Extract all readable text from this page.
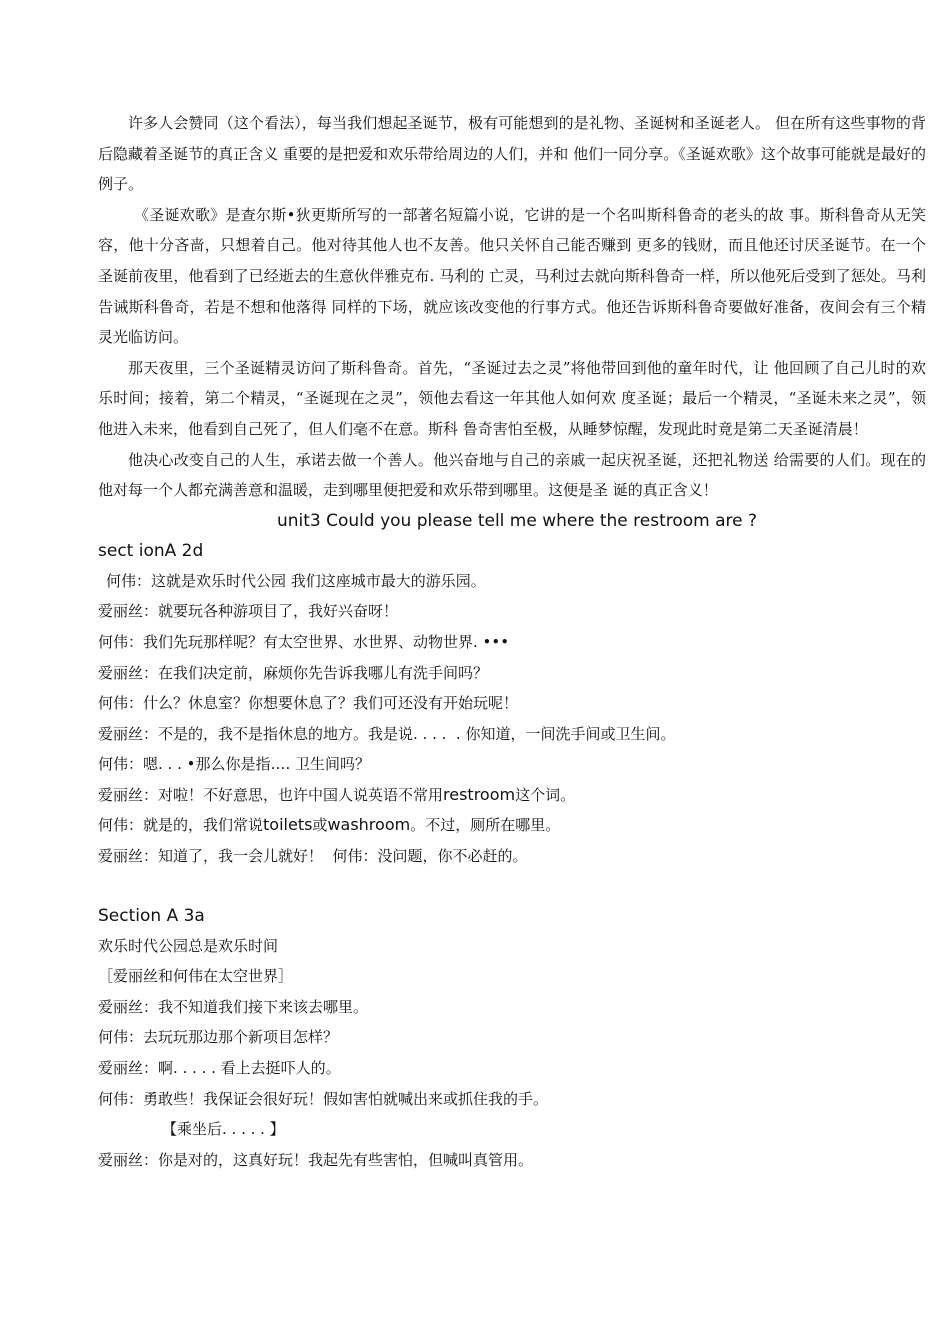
许多人会赞同（这个看法），每当我们想起圣诞节，极有可能想到的是礼物、圣诞树和圣诞老人。 但在所有这些事物的背后隐藏着圣诞节的真正含义 重要的是把爱和欢乐带给周边的人们，并和 他们一同分享。《圣诞欢歌》这个故事可能就是最好的例子。

《圣诞欢歌》是查尔斯•狄更斯所写的一部著名短篇小说，它讲的是一个名叫斯科鲁奇的老头的故 事。斯科鲁奇从无笑容，他十分吝啬，只想着自己。他对待其他人也不友善。他只关怀自己能否赚到 更多的钱财，而且他还讨厌圣诞节。在一个圣诞前夜里，他看到了已经逝去的生意伙伴雅克布. 马利的 亡灵，马利过去就向斯科鲁奇一样，所以他死后受到了惩处。马利告诫斯科鲁奇，若是不想和他落得 同样的下场，就应该改变他的行事方式。他还告诉斯科鲁奇要做好准备，夜间会有三个精灵光临访问。

那天夜里，三个圣诞精灵访问了斯科鲁奇。首先，“圣诞过去之灵”将他带回到他的童年时代，让 他回顾了自己儿时的欢乐时间；接着，第二个精灵，“圣诞现在之灵”，领他去看这一年其他人如何欢 度圣诞；最后一个精灵，“圣诞未来之灵”，领他进入未来，他看到自己死了，但人们毫不在意。斯科 鲁奇害怕至极，从睡梦惊醒，发现此时竟是第二天圣诞清晨！

他决心改变自己的人生，承诺去做一个善人。他兴奋地与自己的亲戚一起庆祝圣诞，还把礼物送 给需要的人们。现在的他对每一个人都充满善意和温暖，走到哪里便把爱和欢乐带到哪里。这便是圣 诞的真正含义！

unit3 Could you please tell me where the restroom are ?

sect ionA 2d

何伟：这就是欢乐时代公园 我们这座城市最大的游乐园。

爱丽丝：就要玩各种游项目了，我好兴奋呀！

何伟：我们先玩那样呢？有太空世界、水世界、动物世界. •••

爱丽丝：在我们决定前，麻烦你先告诉我哪儿有洗手间吗？

何伟：什么？休息室？你想要休息了？我们可还没有开始玩呢！

爱丽丝：不是的，我不是指休息的地方。我是说. . . .  . 你知道，一间洗手间或卫生间。

何伟：嗯. . . •那么你是指…. 卫生间吗？

爱丽丝：对啦！不好意思，也许中国人说英语不常用restroom这个词。

何伟：就是的，我们常说toilets或washroom。不过，厕所在哪里。

爱丽丝：知道了，我一会儿就好！  何伟：没问题，你不必赶的。

Section A 3a

欢乐时代公园总是欢乐时间

［爱丽丝和何伟在太空世界］

爱丽丝：我不知道我们接下来该去哪里。

何伟：去玩玩那边那个新项目怎样？

爱丽丝：啊. . . . . 看上去挺吓人的。

何伟：勇敢些！我保证会很好玩！假如害怕就喊出来或抓住我的手。

【乘坐后. . . . . 】

爱丽丝：你是对的，这真好玩！我起先有些害怕，但喊叫真管用。
